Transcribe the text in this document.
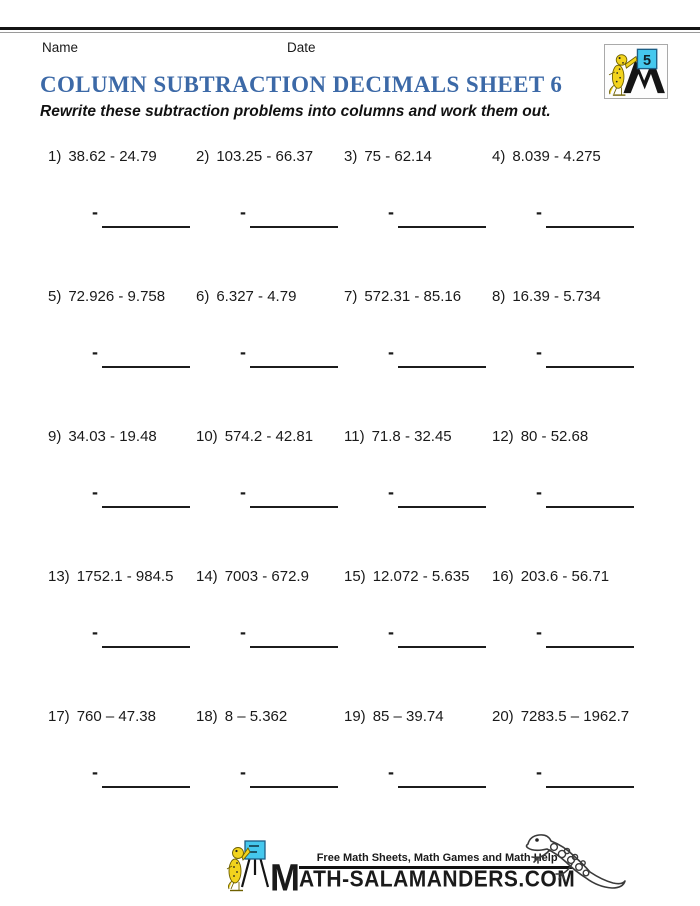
Name	Date
5
COLUMN SUBTRACTION DECIMALS SHEET 6
Rewrite these subtraction problems into columns and work them out.
1) 38.62 - 24.79
-
2) 103.25 - 66.37
-
3) 75 - 62.14
-
4) 8.039 - 4.275
-
5) 72.926 - 9.758
-
6) 6.327 - 4.79
-
7) 572.31 - 85.16
-
8) 16.39 - 5.734
-
9) 34.03 - 19.48
-
10) 574.2 - 42.81
-
11) 71.8 - 32.45
-
12) 80 - 52.68
-
13) 1752.1 - 984.5
-
14) 7003 - 672.9
-
15) 12.072 - 5.635
-
16) 203.6 - 56.71
-
17) 760 – 47.38
-
18) 8 – 5.362
-
19) 85 – 39.74
-
20) 7283.5 – 1962.7
-
M	Free Math Sheets, Math Games and Math Help
ATH-SALAMANDERS.COM
